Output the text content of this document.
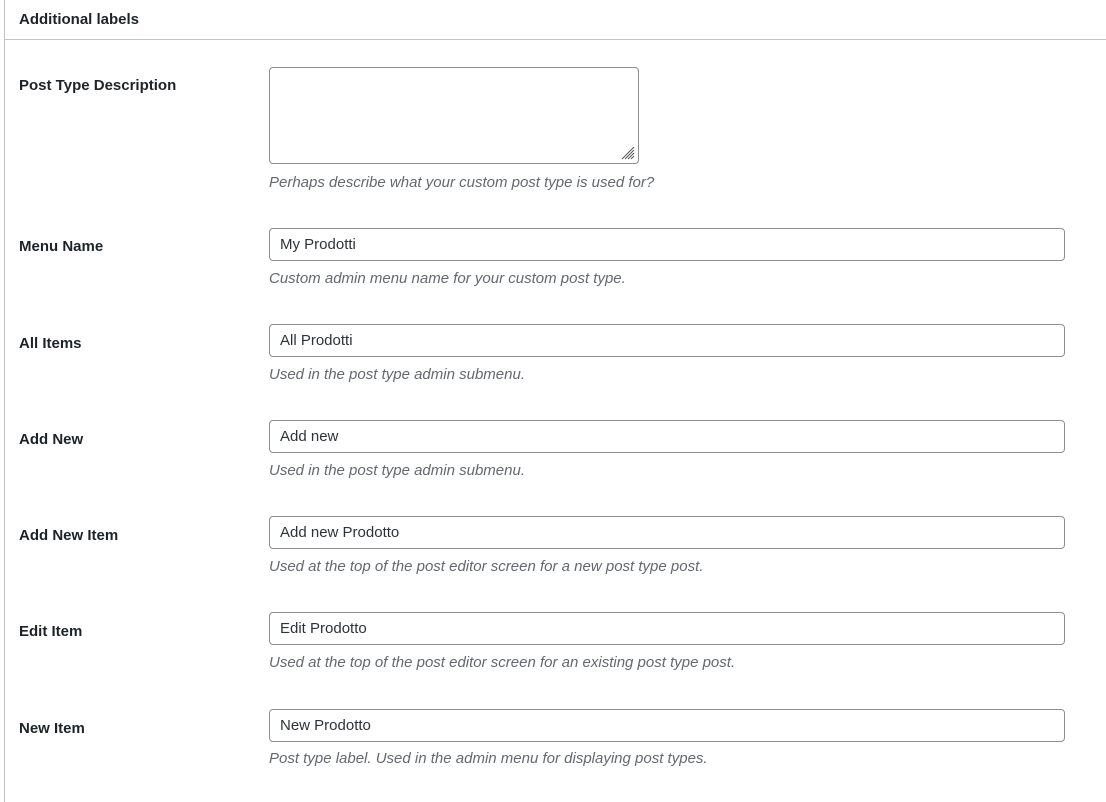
Additional labels
Post Type Description
Perhaps describe what your custom post type is used for?
Menu Name
My Prodotti
Custom admin menu name for your custom post type.
All Items
All Prodotti
Used in the post type admin submenu.
Add New
Add new
Used in the post type admin submenu.
Add New Item
Add new Prodotto
Used at the top of the post editor screen for a new post type post.
Edit Item
Edit Prodotto
Used at the top of the post editor screen for an existing post type post.
New Item
New Prodotto
Post type label. Used in the admin menu for displaying post types.
